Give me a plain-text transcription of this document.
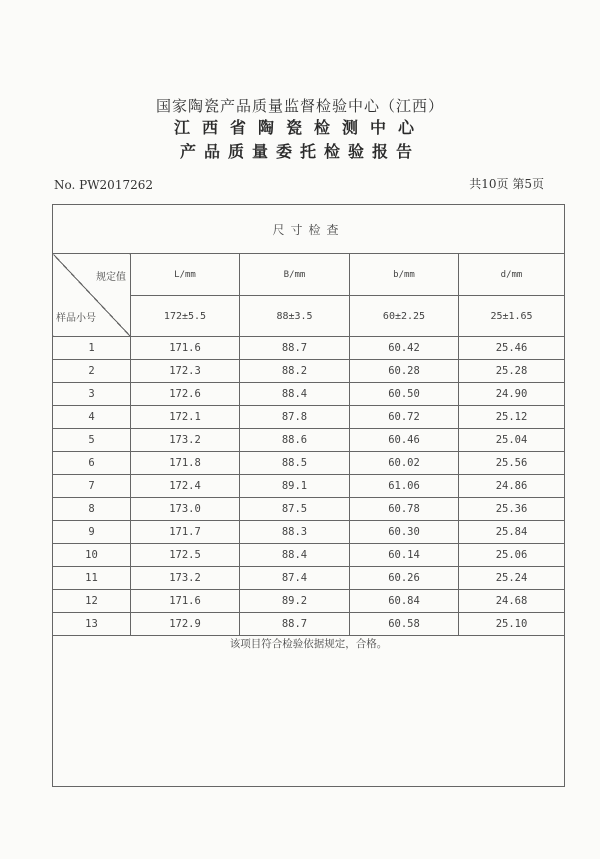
国家陶瓷产品质量监督检验中心（江西）
江西省陶瓷检测中心
产品质量委托检验报告
No. PW2017262	共10页 第5页
尺寸检查				

规定值
样品小号	L/mm	B/mm	b/mm	d/mm
	172±5.5	88±3.5	60±2.25	25±1.65
1	171.6	88.7	60.42	25.46
2	172.3	88.2	60.28	25.28
3	172.6	88.4	60.50	24.90
4	172.1	87.8	60.72	25.12
5	173.2	88.6	60.46	25.04
6	171.8	88.5	60.02	25.56
7	172.4	89.1	61.06	24.86
8	173.0	87.5	60.78	25.36
9	171.7	88.3	60.30	25.84
10	172.5	88.4	60.14	25.06
11	173.2	87.4	60.26	25.24
12	171.6	89.2	60.84	24.68
13	172.9	88.7	60.58	25.10
该项目符合检验依据规定，合格。				
